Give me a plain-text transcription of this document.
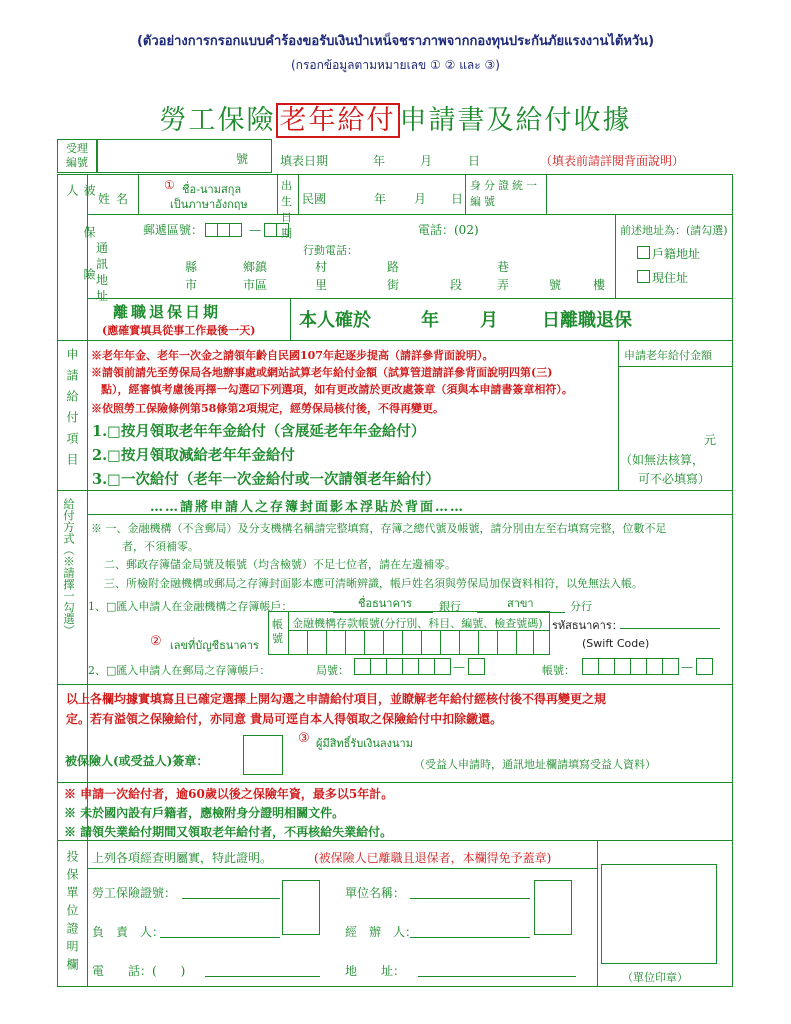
(ตัวอย่างการกรอกแบบคำร้องขอรับเงินบำเหน็จชราภาพจากกองทุนประกันภัยแรงงานไต้หวัน)
(กรอกข้อมูลตามหมายเลข ① ② และ ③)
勞工保險 老年給付 申請書及給付收據
受理編號	號	填表日期	年	月	日	（填表前請詳閱背面說明）
被保險人	姓名
① ชื่อ-นามสกุล
เป็นภาษาอังกฤษ
出生日期
民國	年 月 日
身分證統一編號
郵遞區號：	—	電話：(02)
通訊地址
行動電話：
縣	鄉鎮	村	路	巷
市	市區	里	街	段	弄	號	樓
前述地址為：(請勾選)
戶籍地址
現住址
離職退保日期
(應確實填具從事工作最後一天) 本人確於	年 月 日離職退保
申請給付項目 ※老年年金、老年一次金之請領年齡自民國107年起逐步提高（請詳參背面說明）。
※請領前請先至勞保局各地辦事處或網站試算老年給付金額（試算管道請詳參背面說明四第(三)
點），經審慎考慮後再擇一勾選☑下列選項，如有更改請於更改處簽章（須與本申請書簽章相符）。
※依照勞工保險條例第58條第2項規定，經勞保局核付後，不得再變更。
1.□按月領取老年年金給付（含展延老年年金給付）
2.□按月領取減給老年年金給付
3.□一次給付（老年一次金給付或一次請領老年給付）
申請老年給付金額
元
（如無法核算，
可不必填寫）
給付方式（※請擇一勾選）	……請將申請人之存簿封面影本浮貼於背面……
※ 一、金融機構（不含郵局）及分支機構名稱請完整填寫，存簿之總代號及帳號，請分別由左至右填寫完整，位數不足
者，不須補零。
二、郵政存簿儲金局號及帳號（均含檢號）不足七位者，請在左邊補零。
三、所檢附金融機構或郵局之存簿封面影本應可清晰辨識，帳戶姓名須與勞保局加保資料相符，以免無法入帳。
1、□匯入申請人在金融機構之存簿帳戶：	ชื่อธนาคาร	銀行	สาขา	分行
② เลขที่บัญชีธนาคาร
帳號
金融機構存款帳號(分行別、科目、編號、檢查號碼) รหัสธนาคาร：
(Swift Code)
2、□匯入申請人在郵局之存簿帳戶：	局號：	—	帳號：	—
以上各欄均據實填寫且已確定選擇上開勾選之申請給付項目，並瞭解老年給付經核付後不得再變更之規
定。若有溢領之保險給付，亦同意 貴局可逕自本人得領取之保險給付中扣除繳還。
③ ผู้มีสิทธิ์รับเงินลงนาม
被保險人(或受益人)簽章：	（受益人申請時，通訊地址欄請填寫受益人資料）
※ 申請一次給付者，逾60歲以後之保險年資，最多以5年計。
※ 未於國內設有戶籍者，應檢附身分證明相關文件。
※ 請領失業給付期間又領取老年給付者，不再核給失業給付。
投保單位證明欄 上列各項經查明屬實，特此證明。	(被保險人已離職且退保者，本欄得免予蓋章)
勞工保險證號：	單位名稱：
負　責　人：	經　辦　人：
電　　話：(　　)	地　　址：	（單位印章）
